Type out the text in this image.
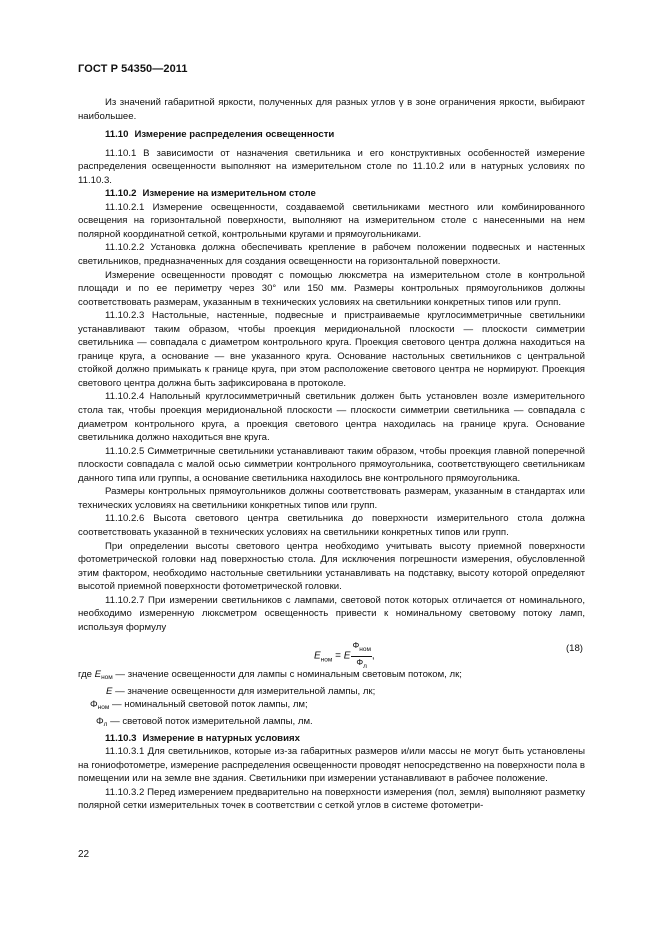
ГОСТ Р 54350—2011

Из значений габаритной яркости, полученных для разных углов γ в зоне ограничения яркости, выбирают наибольшее.

11.10 Измерение распределения освещенности

11.10.1 В зависимости от назначения светильника и его конструктивных особенностей измерение распределения освещенности выполняют на измерительном столе по 11.10.2 или в натурных условиях по 11.10.3.

11.10.2 Измерение на измерительном столе

11.10.2.1 Измерение освещенности, создаваемой светильниками местного или комбинированного освещения на горизонтальной поверхности, выполняют на измерительном столе с нанесенными на нем полярной координатной сеткой, контрольными кругами и прямоугольниками.

11.10.2.2 Установка должна обеспечивать крепление в рабочем положении подвесных и настенных светильников, предназначенных для создания освещенности на горизонтальной поверхности.

Измерение освещенности проводят с помощью люксметра на измерительном столе в контрольной площади и по ее периметру через 30° или 150 мм. Размеры контрольных прямоугольников должны соответствовать размерам, указанным в технических условиях на светильники конкретных типов или групп.

11.10.2.3 Настольные, настенные, подвесные и пристраиваемые круглосимметричные светильники устанавливают таким образом, чтобы проекция меридиональной плоскости — плоскости симметрии светильника — совпадала с диаметром контрольного круга. Проекция светового центра должна находиться на границе круга, а основание — вне указанного круга. Основание настольных светильников с центральной стойкой должно примыкать к границе круга, при этом расположение светового центра не нормируют. Проекция светового центра должна быть зафиксирована в протоколе.

11.10.2.4 Напольный круглосимметричный светильник должен быть установлен возле измерительного стола так, чтобы проекция меридиональной плоскости — плоскости симметрии светильника — совпадала с диаметром контрольного круга, а проекция светового центра находилась на границе круга. Основание светильника должно находиться вне круга.

11.10.2.5 Симметричные светильники устанавливают таким образом, чтобы проекция главной поперечной плоскости совпадала с малой осью симметрии контрольного прямоугольника, соответствующего светильникам данного типа или группы, а основание светильника находилось вне контрольного прямоугольника.

Размеры контрольных прямоугольников должны соответствовать размерам, указанным в стандартах или технических условиях на светильники конкретных типов или групп.

11.10.2.6 Высота светового центра светильника до поверхности измерительного стола должна соответствовать указанной в технических условиях на светильники конкретных типов или групп.

При определении высоты светового центра необходимо учитывать высоту приемной поверхности фотометрической головки над поверхностью стола. Для исключения погрешности измерения, обусловленной этим фактором, необходимо настольные светильники устанавливать на подставку, высоту которой определяют высотой приемной поверхности фотометрической головки.

11.10.2.7 При измерении светильников с лампами, световой поток которых отличается от номинального, необходимо измеренную люксметром освещенность привести к номинальному световому потоку ламп, используя формулу

$E_{ном} = E \frac{\Phi_{ном}}{\Phi_л}$ ,
(18)

где $E_{ном}$ — значение освещенности для лампы с номинальным световым потоком, лк;

E — значение освещенности для измерительной лампы, лк;

$\Phi_{ном}$ — номинальный световой поток лампы, лм;

$\Phi_л$ — световой поток измерительной лампы, лм.

11.10.3 Измерение в натурных условиях

11.10.3.1 Для светильников, которые из-за габаритных размеров и/или массы не могут быть установлены на гониофотометре, измерение распределения освещенности проводят непосредственно на поверхности пола в помещении или на земле вне здания. Светильники при измерении устанавливают в рабочее положение.

11.10.3.2 Перед измерением предварительно на поверхности измерения (пол, земля) выполняют разметку полярной сетки измерительных точек в соответствии с сеткой углов в системе фотометри-

22
